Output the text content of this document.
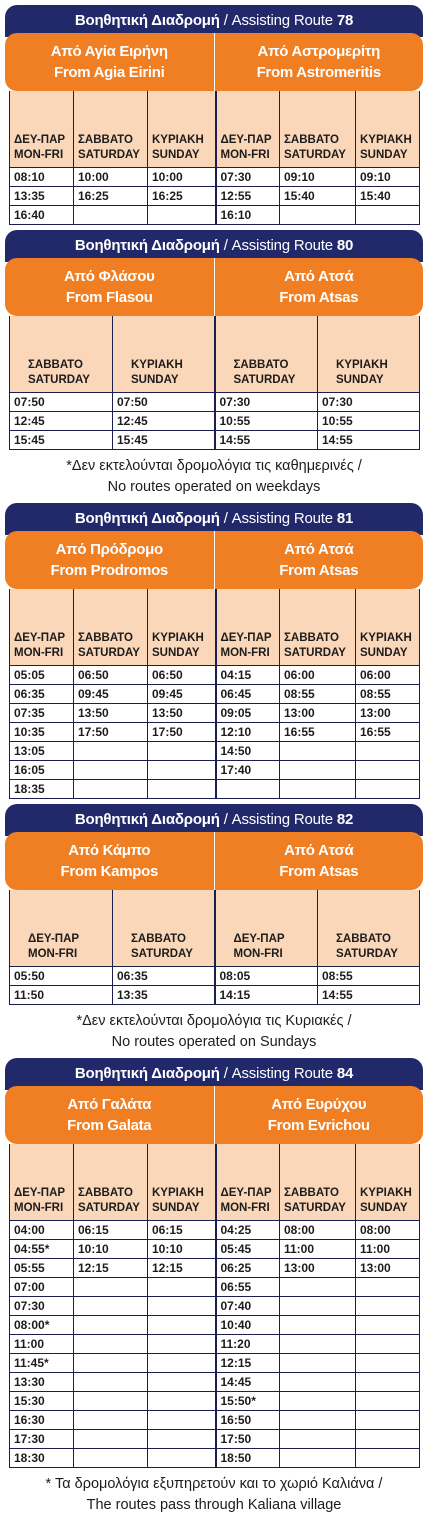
Βοηθητική Διαδρομή / Assisting Route 78
Από Αγία Ειρήνη
From Agia Eirini
Από Αστρομερίτη
From Astromeritis

ΔΕΥ-ΠΑΡ
MON-FRI	ΣΑΒΒΑΤΟ
SATURDAY	ΚΥΡΙΑΚΗ
SUNDAY	ΔΕΥ-ΠΑΡ
MON-FRI	ΣΑΒΒΑΤΟ
SATURDAY	ΚΥΡΙΑΚΗ
SUNDAY

08:10	10:00	10:00	07:30	09:10	09:10
13:35	16:25	16:25	12:55	15:40	15:40
16:40			16:10		
Βοηθητική Διαδρομή / Assisting Route 80
Από Φλάσου
From Flasou
Από Ατσά
From Atsas

ΣΑΒΒΑΤΟ
SATURDAY	ΚΥΡΙΑΚΗ
SUNDAY	ΣΑΒΒΑΤΟ
SATURDAY	ΚΥΡΙΑΚΗ
SUNDAY

07:50	07:50	07:30	07:30
12:45	12:45	10:55	10:55
15:45	15:45	14:55	14:55
*Δεν εκτελούνται δρομολόγια τις καθημερινές /
No routes operated on weekdays
Βοηθητική Διαδρομή / Assisting Route 81
Από Πρόδρομο
From Prodromos
Από Ατσά
From Atsas

ΔΕΥ-ΠΑΡ
MON-FRI	ΣΑΒΒΑΤΟ
SATURDAY	ΚΥΡΙΑΚΗ
SUNDAY	ΔΕΥ-ΠΑΡ
MON-FRI	ΣΑΒΒΑΤΟ
SATURDAY	ΚΥΡΙΑΚΗ
SUNDAY

05:05	06:50	06:50	04:15	06:00	06:00
06:35	09:45	09:45	06:45	08:55	08:55
07:35	13:50	13:50	09:05	13:00	13:00
10:35	17:50	17:50	12:10	16:55	16:55
13:05			14:50		
16:05			17:40		
18:35					
Βοηθητική Διαδρομή / Assisting Route 82
Από Κάμπο
From Kampos
Από Ατσά
From Atsas

ΔΕΥ-ΠΑΡ
MON-FRI	ΣΑΒΒΑΤΟ
SATURDAY	ΔΕΥ-ΠΑΡ
MON-FRI	ΣΑΒΒΑΤΟ
SATURDAY

05:50	06:35	08:05	08:55
11:50	13:35	14:15	14:55
*Δεν εκτελούνται δρομολόγια τις Κυριακές /
No routes operated on Sundays
Βοηθητική Διαδρομή / Assisting Route 84
Από Γαλάτα
From Galata
Από Ευρύχου
From Evrichou

ΔΕΥ-ΠΑΡ
MON-FRI	ΣΑΒΒΑΤΟ
SATURDAY	ΚΥΡΙΑΚΗ
SUNDAY	ΔΕΥ-ΠΑΡ
MON-FRI	ΣΑΒΒΑΤΟ
SATURDAY	ΚΥΡΙΑΚΗ
SUNDAY

04:00	06:15	06:15	04:25	08:00	08:00
04:55*	10:10	10:10	05:45	11:00	11:00
05:55	12:15	12:15	06:25	13:00	13:00
07:00			06:55		
07:30			07:40		
08:00*			10:40		
11:00			11:20		
11:45*			12:15		
13:30			14:45		
15:30			15:50*		
16:30			16:50		
17:30			17:50		
18:30			18:50		
* Τα δρομολόγια εξυπηρετούν και το χωριό Καλιάνα /
The routes pass through Kaliana village
